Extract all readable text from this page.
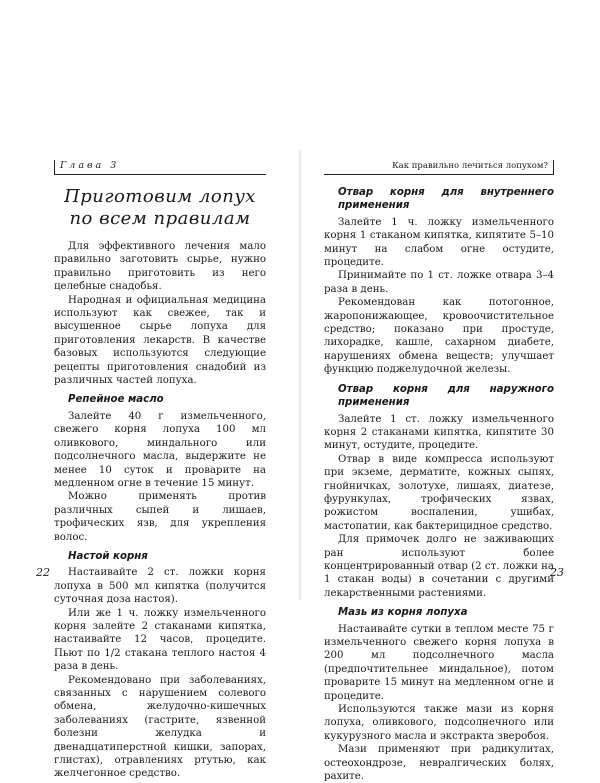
Глава 3
Приготовим лопух по всем правилам

Для эффективного лечения мало правильно заготовить сырье, нужно правильно приготовить из него целебные снадобья.

Народная и официальная медицина используют как свежее, так и высушенное сырье лопуха для приготовления лекарств. В качестве базовых используются следующие рецепты приготовления снадобий из различных частей лопуха.

Репейное масло

Залейте 40 г измельченного, свежего корня лопуха 100 мл оливкового, миндального или подсолнечного масла, выдержите не менее 10 суток и проварите на медленном огне в течение 15 минут.

Можно применять против различных сыпей и лишаев, трофических язв, для укрепления волос.

Настой корня

Настаивайте 2 ст. ложки корня лопуха в 500 мл кипятка (получится суточная доза настоя).

Или же 1 ч. ложку измельченного корня залейте 2 стаканами кипятка, настаивайте 12 часов, процедите. Пьют по 1/2 стакана теплого настоя 4 раза в день.

Рекомендовано при заболеваниях, связанных с нарушением солевого обмена, желудочно-кишечных заболеваниях (гастрите, язвенной болезни желудка и двенадцатиперстной кишки, запорах, глистах), отравлениях ртутью, как желчегонное средство.

22
Как правильно лечиться лопухом?
Отвар корня для внутреннего применения

Залейте 1 ч. ложку измельченного корня 1 стаканом кипятка, кипятите 5–10 минут на слабом огне остудите, процедите.

Принимайте по 1 ст. ложке отвара 3–4 раза в день.

Рекомендован как потогонное, жаропонижающее, кровоочистительное средство; показано при простуде, лихорадке, кашле, сахарном диабете, нарушениях обмена веществ; улучшает функцию поджелудочной железы.

Отвар корня для наружного применения

Залейте 1 ст. ложку измельченного корня 2 стаканами кипятка, кипятите 30 минут, остудите, процедите.

Отвар в виде компресса используют при экземе, дерматите, кожных сыпях, гнойничках, золотухе, лишаях, диатезе, фурункулах, трофических язвах, рожистом воспалении, ушибах, мастопатии, как бактерицидное средство.

Для примочек долго не заживающих ран используют более концентрированный отвар (2 ст. ложки на 1 стакан воды) в сочетании с другими лекарственными растениями.

Мазь из корня лопуха

Настаивайте сутки в теплом месте 75 г измельченного свежего корня лопуха в 200 мл подсолнечного масла (предпочтительнее миндальное), потом проварите 15 минут на медленном огне и процедите.

Используются также мази из корня лопуха, оливкового, подсолнечного или кукурузного масла и экстракта зверобоя.

Мази применяют при радикулитах, остеохондрозе, невралгических болях, рахите.

23
